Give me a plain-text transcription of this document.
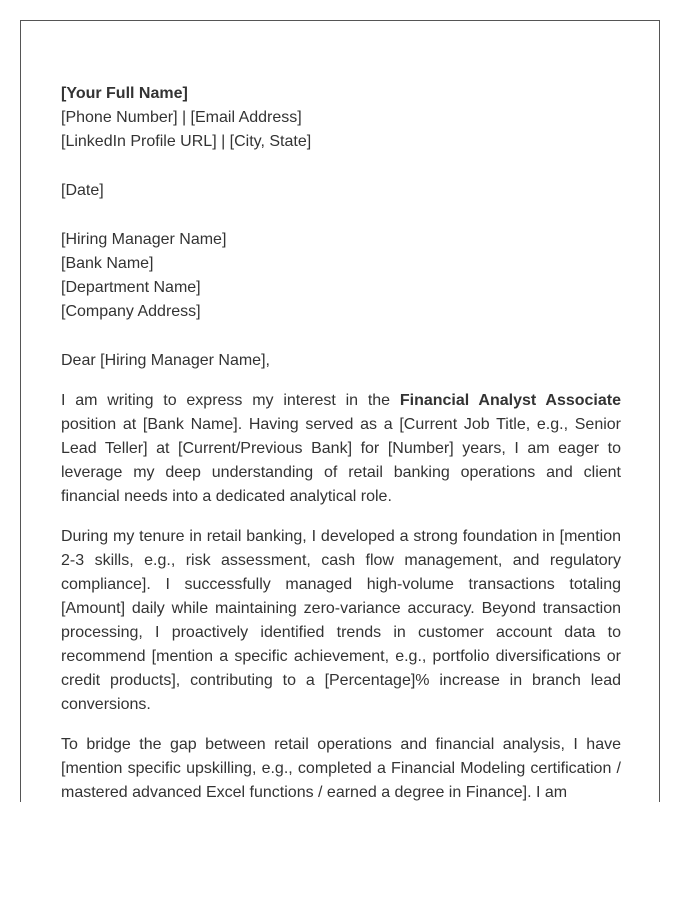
[Your Full Name]
[Phone Number] | [Email Address]
[LinkedIn Profile URL] | [City, State]
[Date]
[Hiring Manager Name]
[Bank Name]
[Department Name]
[Company Address]
Dear [Hiring Manager Name],

I am writing to express my interest in the Financial Analyst Associate position at [Bank Name]. Having served as a [Current Job Title, e.g., Senior Lead Teller] at [Current/Previous Bank] for [Number] years, I am eager to leverage my deep understanding of retail banking operations and client financial needs into a dedicated analytical role.

During my tenure in retail banking, I developed a strong foundation in [mention 2-3 skills, e.g., risk assessment, cash flow management, and regulatory compliance]. I successfully managed high-volume transactions totaling [Amount] daily while maintaining zero-variance accuracy. Beyond transaction processing, I proactively identified trends in customer account data to recommend [mention a specific achievement, e.g., portfolio diversifications or credit products], contributing to a [Percentage]% increase in branch lead conversions.

To bridge the gap between retail operations and financial analysis, I have [mention specific upskilling, e.g., completed a Financial Modeling certification / mastered advanced Excel functions / earned a degree in Finance]. I am
